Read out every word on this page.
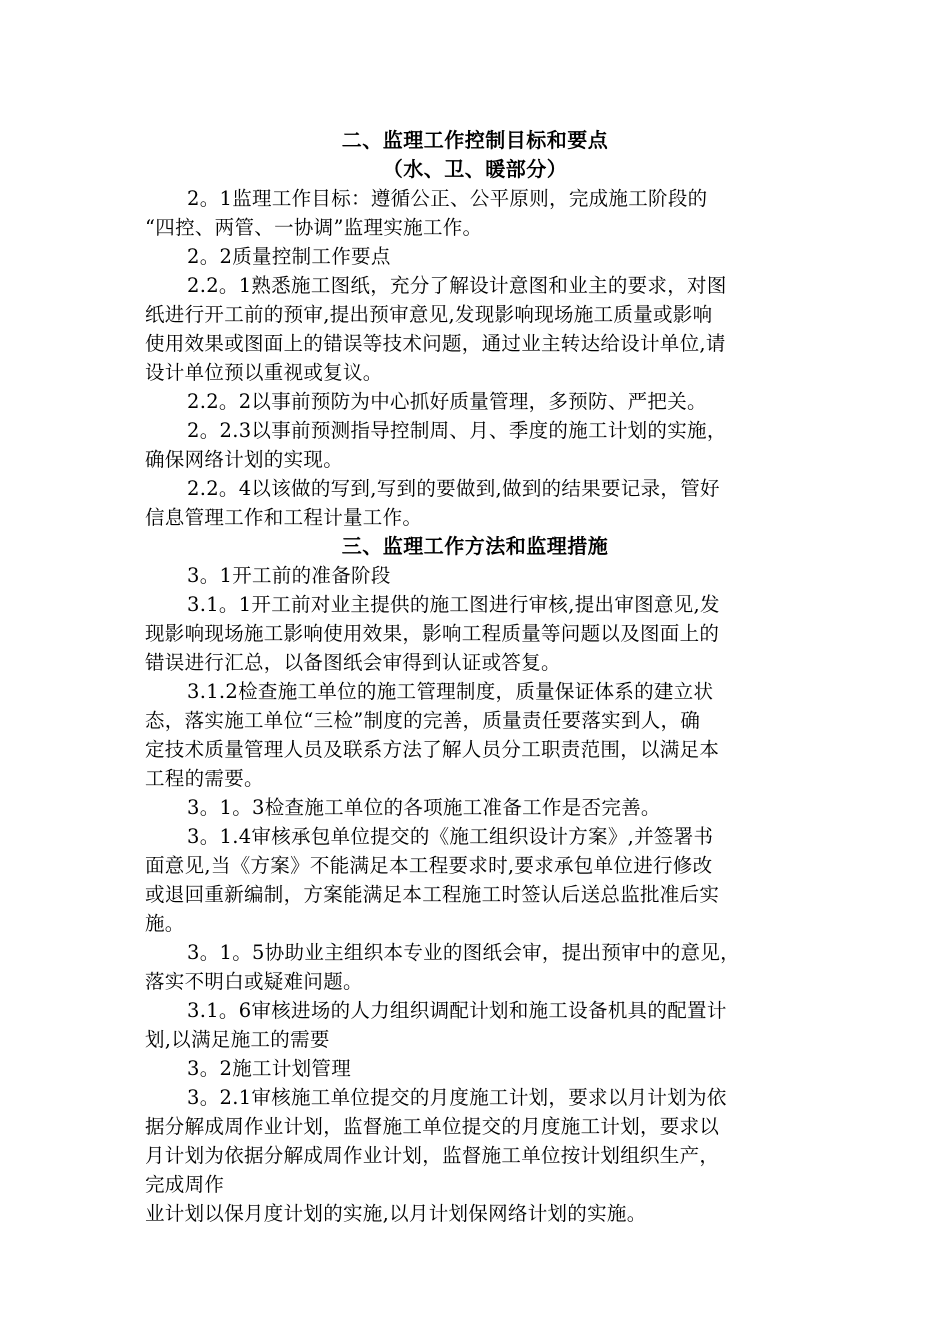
二、监理工作控制目标和要点
（水、卫、暖部分）
2。1监理工作目标：遵循公正、公平原则，完成施工阶段的
“四控、两管、一协调”监理实施工作。
2。2质量控制工作要点
2.2。1熟悉施工图纸，充分了解设计意图和业主的要求，对图
纸进行开工前的预审,提出预审意见,发现影响现场施工质量或影响
使用效果或图面上的错误等技术问题，通过业主转达给设计单位,请
设计单位预以重视或复议。
2.2。2以事前预防为中心抓好质量管理，多预防、严把关。
2。2.3以事前预测指导控制周、月、季度的施工计划的实施，
确保网络计划的实现。
2.2。4以该做的写到,写到的要做到,做到的结果要记录，管好
信息管理工作和工程计量工作。
三、监理工作方法和监理措施
3。1开工前的准备阶段
3.1。1开工前对业主提供的施工图进行审核,提出审图意见,发
现影响现场施工影响使用效果，影响工程质量等问题以及图面上的
错误进行汇总，以备图纸会审得到认证或答复。
3.1.2检查施工单位的施工管理制度，质量保证体系的建立状
态，落实施工单位“三检”制度的完善，质量责任要落实到人，确
定技术质量管理人员及联系方法了解人员分工职责范围，以满足本
工程的需要。
3。1。3检查施工单位的各项施工准备工作是否完善。
3。1.4审核承包单位提交的《施工组织设计方案》,并签署书
面意见,当《方案》不能满足本工程要求时,要求承包单位进行修改
或退回重新编制，方案能满足本工程施工时签认后送总监批准后实
施。
3。1。5协助业主组织本专业的图纸会审，提出预审中的意见，
落实不明白或疑难问题。
3.1。6审核进场的人力组织调配计划和施工设备机具的配置计
划,以满足施工的需要
3。2施工计划管理
3。2.1审核施工单位提交的月度施工计划，要求以月计划为依
据分解成周作业计划，监督施工单位提交的月度施工计划，要求以
月计划为依据分解成周作业计划，监督施工单位按计划组织生产，
完成周作
业计划以保月度计划的实施,以月计划保网络计划的实施。
